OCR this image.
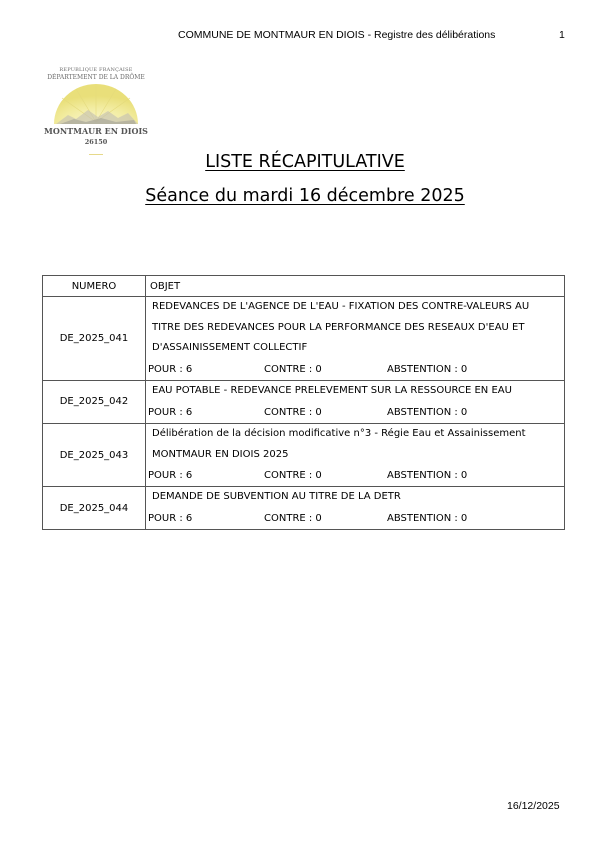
COMMUNE DE MONTMAUR EN DIOIS - Registre des délibérations	1
REPUBLIQUE FRANÇAISE
DÉPARTEMENT DE LA DRÔME
MONTMAUR EN DIOIS
26150
LISTE RÉCAPITULATIVE
Séance du mardi 16 décembre 2025
NUMERO	OBJET
DE_2025_041	REDEVANCES DE L'AGENCE DE L'EAU - FIXATION DES CONTRE-VALEURS AU TITRE DES REDEVANCES POUR LA PERFORMANCE DES RESEAUX D'EAU ET D'ASSAINISSEMENT COLLECTIF
POUR : 6 CONTRE : 0 ABSTENTION : 0

DE_2025_042	EAU POTABLE - REDEVANCE PRELEVEMENT SUR LA RESSOURCE EN EAU
POUR : 6 CONTRE : 0 ABSTENTION : 0

DE_2025_043	Délibération de la décision modificative n°3 - Régie Eau et Assainissement MONTMAUR EN DIOIS 2025
POUR : 6 CONTRE : 0 ABSTENTION : 0

DE_2025_044	DEMANDE DE SUBVENTION AU TITRE DE LA DETR
POUR : 6 CONTRE : 0 ABSTENTION : 0
16/12/2025
